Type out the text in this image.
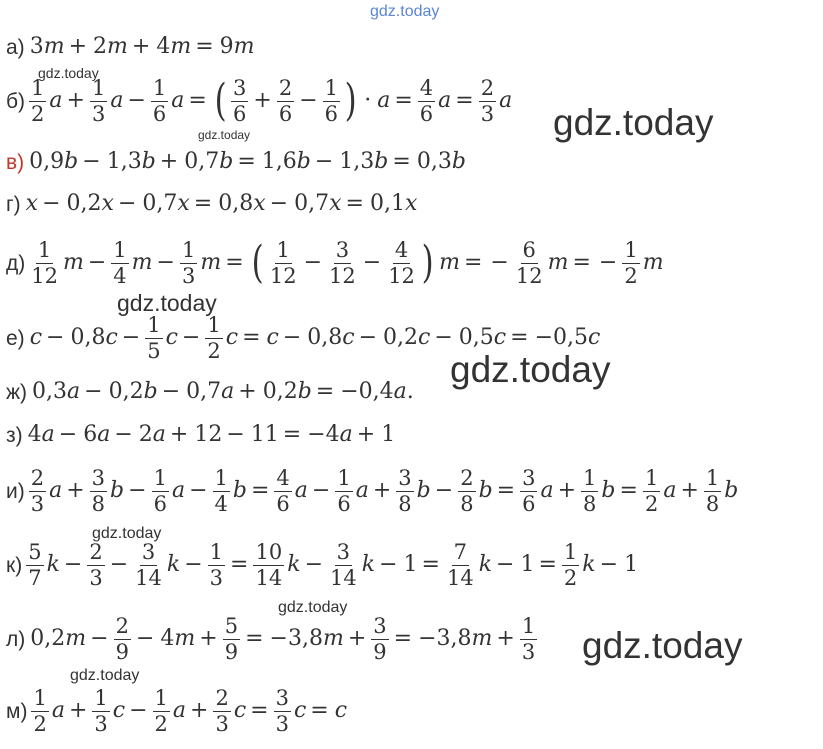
gdz.today
gdz.today
gdz.today	gdz.today
gdz.today
gdz.today
gdz.today
gdz.today
gdz.today
gdz.today
а) 3m + 2m + 4m = 9m
$б) \frac{1}{2}$ $a + \frac{1}{3}$ $a - \frac{1}{6}$ a = ( $\frac{3}{6} + \frac{2}{6} - \frac{1}{6}$ ) · $a = \frac{4}{6}$ $a = \frac{2}{3}$ a
в) 0,9b − 1,3b + 0,7b = 1,6b − 1,3b = 0,3b
г) x − 0,2x − 0,7x = 0,8x − 0,7x = 0,1x
$д) \frac{1}{12}$ $m - \frac{1}{4}$ $m - \frac{1}{3}$ m = ( $\frac{1}{12} - \frac{3}{12} - \frac{4}{12}$ ) m = − $\frac{6}{12}$ m = − $\frac{1}{2}$ m
е) $c - 0,8c - \frac{1}{5}$ $c - \frac{1}{2}$ c = c − 0,8c − 0,2c − 0,5c = −0,5c
ж) 0,3a − 0,2b − 0,7a + 0,2b = −0,4a.
з) 4a − 6a − 2a + 12 − 11 = −4a + 1
$и) \frac{2}{3}$ $a + \frac{3}{8}$ $b - \frac{1}{6}$ $a - \frac{1}{4}$ $b = \frac{4}{6}$ $a - \frac{1}{6}$ $a + \frac{3}{8}$ $b - \frac{2}{8}$ $b = \frac{3}{6}$ $a + \frac{1}{8}$ $b = \frac{1}{2}$ $a + \frac{1}{8}$ b
$к) \frac{5}{7}$ $k - \frac{2}{3} - \frac{3}{14}$ $k - \frac{1}{3} = \frac{10}{14}$ $k - \frac{3}{14}$ $k - 1 = \frac{7}{14}$ $k - 1 = \frac{1}{2}$ k − 1
л) $0,2m - \frac{2}{9} - 4m + \frac{5}{9} = -3,8m + \frac{3}{9} = -3,8m + \frac{1}{3}$
$м) \frac{1}{2}$ $a + \frac{1}{3}$ $c - \frac{1}{2}$ $a + \frac{2}{3}$ $c = \frac{3}{3}$ c = c
